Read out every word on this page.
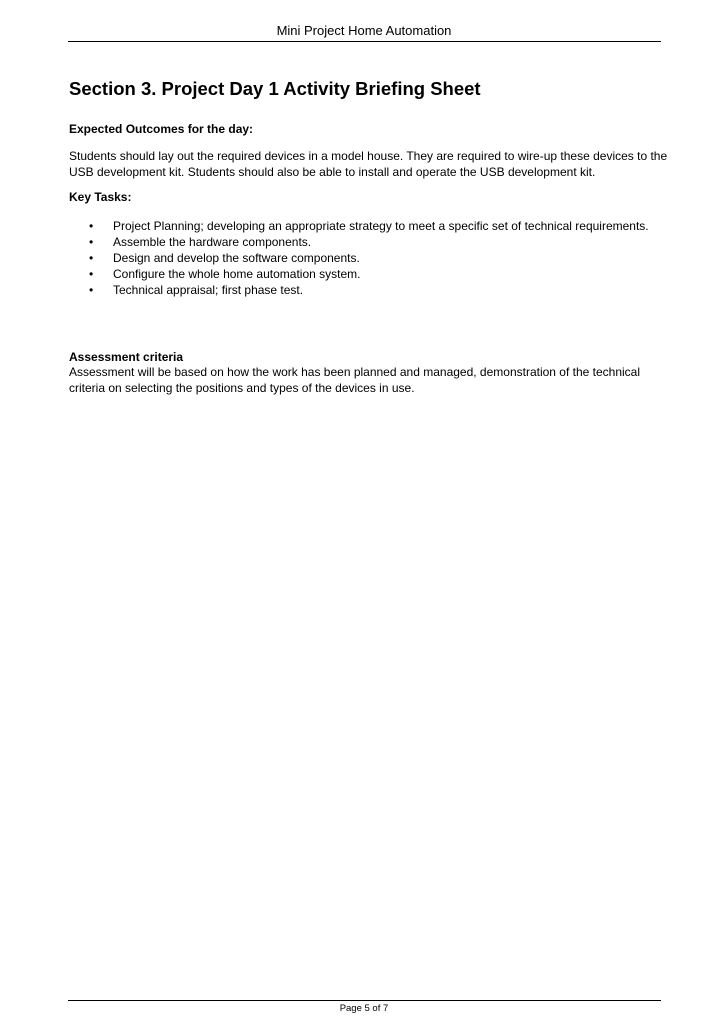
Mini Project Home Automation
Section 3. Project Day 1 Activity Briefing Sheet
Expected Outcomes for the day:
Students should lay out the required devices in a model house. They are required to wire-up these devices to the USB development kit. Students should also be able to install and operate the USB development kit.
Key Tasks:
• Project Planning; developing an appropriate strategy to meet a specific set of technical requirements.
• Assemble the hardware components.
• Design and develop the software components.
• Configure the whole home automation system.
• Technical appraisal; first phase test.
Assessment criteria
Assessment will be based on how the work has been planned and managed, demonstration of the technical criteria on selecting the positions and types of the devices in use.
Page 5 of 7
